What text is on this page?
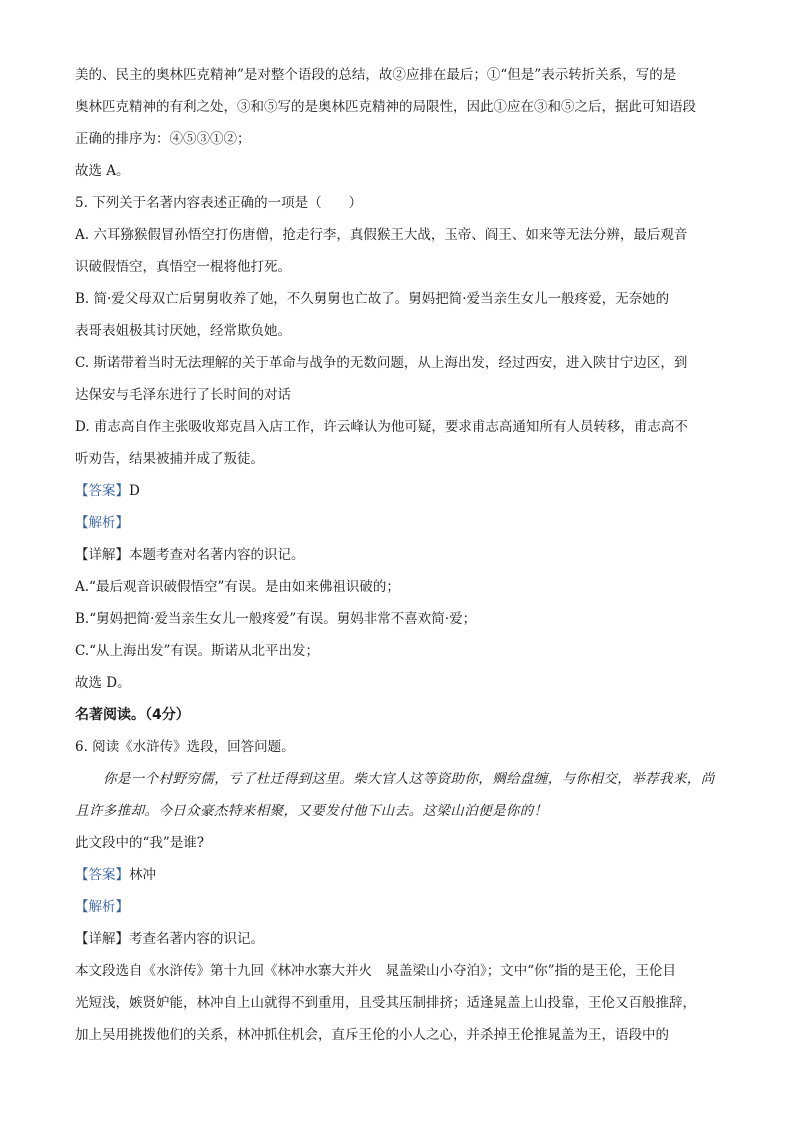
美的、民主的奥林匹克精神”是对整个语段的总结，故②应排在最后；①“但是”表示转折关系，写的是
奥林匹克精神的有利之处，③和⑤写的是奥林匹克精神的局限性，因此①应在③和⑤之后，据此可知语段
正确的排序为：④⑤③①②；
故选 A。
5. 下列关于名著内容表述正确的一项是（　　）
A. 六耳猕猴假冒孙悟空打伤唐僧，抢走行李，真假猴王大战，玉帝、阎王、如来等无法分辨，最后观音
识破假悟空，真悟空一棍将他打死。
B. 简·爱父母双亡后舅舅收养了她，不久舅舅也亡故了。舅妈把简·爱当亲生女儿一般疼爱，无奈她的
表哥表姐极其讨厌她，经常欺负她。
C. 斯诺带着当时无法理解的关于革命与战争的无数问题，从上海出发，经过西安，进入陕甘宁边区，到
达保安与毛泽东进行了长时间的对话
D. 甫志高自作主张吸收郑克昌入店工作，许云峰认为他可疑，要求甫志高通知所有人员转移，甫志高不
听劝告，结果被捕并成了叛徒。
【答案】D
【解析】
【详解】本题考查对名著内容的识记。
A.“最后观音识破假悟空”有误。是由如来佛祖识破的；
B.“舅妈把简·爱当亲生女儿一般疼爱”有误。舅妈非常不喜欢简·爱；
C.“从上海出发”有误。斯诺从北平出发；
故选 D。
名著阅读。（4分）
6. 阅读《水浒传》选段，回答问题。
你是一个村野穷儒，亏了杜迁得到这里。柴大官人这等资助你，赒给盘缠，与你相交，举荐我来，尚
且许多推却。今日众豪杰特来相聚，又要发付他下山去。这梁山泊便是你的！
此文段中的“我”是谁?
【答案】林冲
【解析】
【详解】考查名著内容的识记。
本文段选自《水浒传》第十九回《林冲水寨大并火　晁盖梁山小夺泊》；文中“你”指的是王伦，王伦目
光短浅，嫉贤妒能，林冲自上山就得不到重用，且受其压制排挤；适逢晁盖上山投靠，王伦又百般推辞，
加上吴用挑拨他们的关系，林冲抓住机会，直斥王伦的小人之心，并杀掉王伦推晁盖为王，语段中的
